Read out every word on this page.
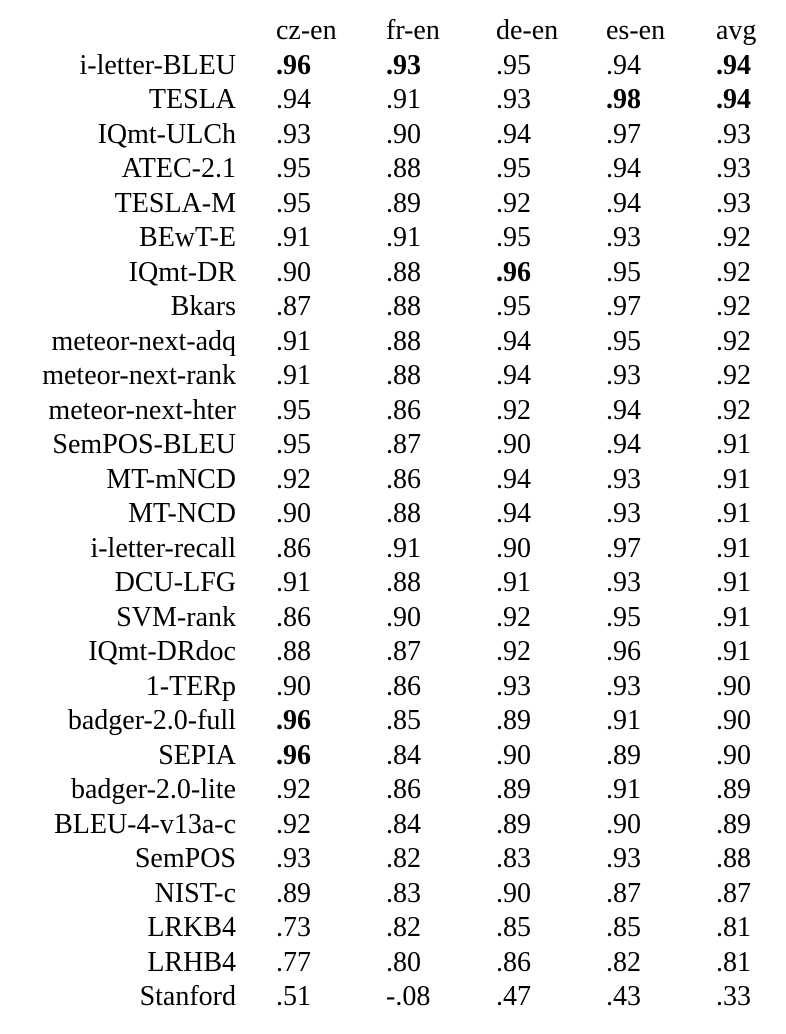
	cz-en	fr-en	de-en	es-en	avg
i-letter-BLEU	.96	.93	.95	.94	.94
TESLA	.94	.91	.93	.98	.94
IQmt-ULCh	.93	.90	.94	.97	.93
ATEC-2.1	.95	.88	.95	.94	.93
TESLA-M	.95	.89	.92	.94	.93
BEwT-E	.91	.91	.95	.93	.92
IQmt-DR	.90	.88	.96	.95	.92
Bkars	.87	.88	.95	.97	.92
meteor-next-adq	.91	.88	.94	.95	.92
meteor-next-rank	.91	.88	.94	.93	.92
meteor-next-hter	.95	.86	.92	.94	.92
SemPOS-BLEU	.95	.87	.90	.94	.91
MT-mNCD	.92	.86	.94	.93	.91
MT-NCD	.90	.88	.94	.93	.91
i-letter-recall	.86	.91	.90	.97	.91
DCU-LFG	.91	.88	.91	.93	.91
SVM-rank	.86	.90	.92	.95	.91
IQmt-DRdoc	.88	.87	.92	.96	.91
1-TERp	.90	.86	.93	.93	.90
badger-2.0-full	.96	.85	.89	.91	.90
SEPIA	.96	.84	.90	.89	.90
badger-2.0-lite	.92	.86	.89	.91	.89
BLEU-4-v13a-c	.92	.84	.89	.90	.89
SemPOS	.93	.82	.83	.93	.88
NIST-c	.89	.83	.90	.87	.87
LRKB4	.73	.82	.85	.85	.81
LRHB4	.77	.80	.86	.82	.81
Stanford	.51	-.08	.47	.43	.33
